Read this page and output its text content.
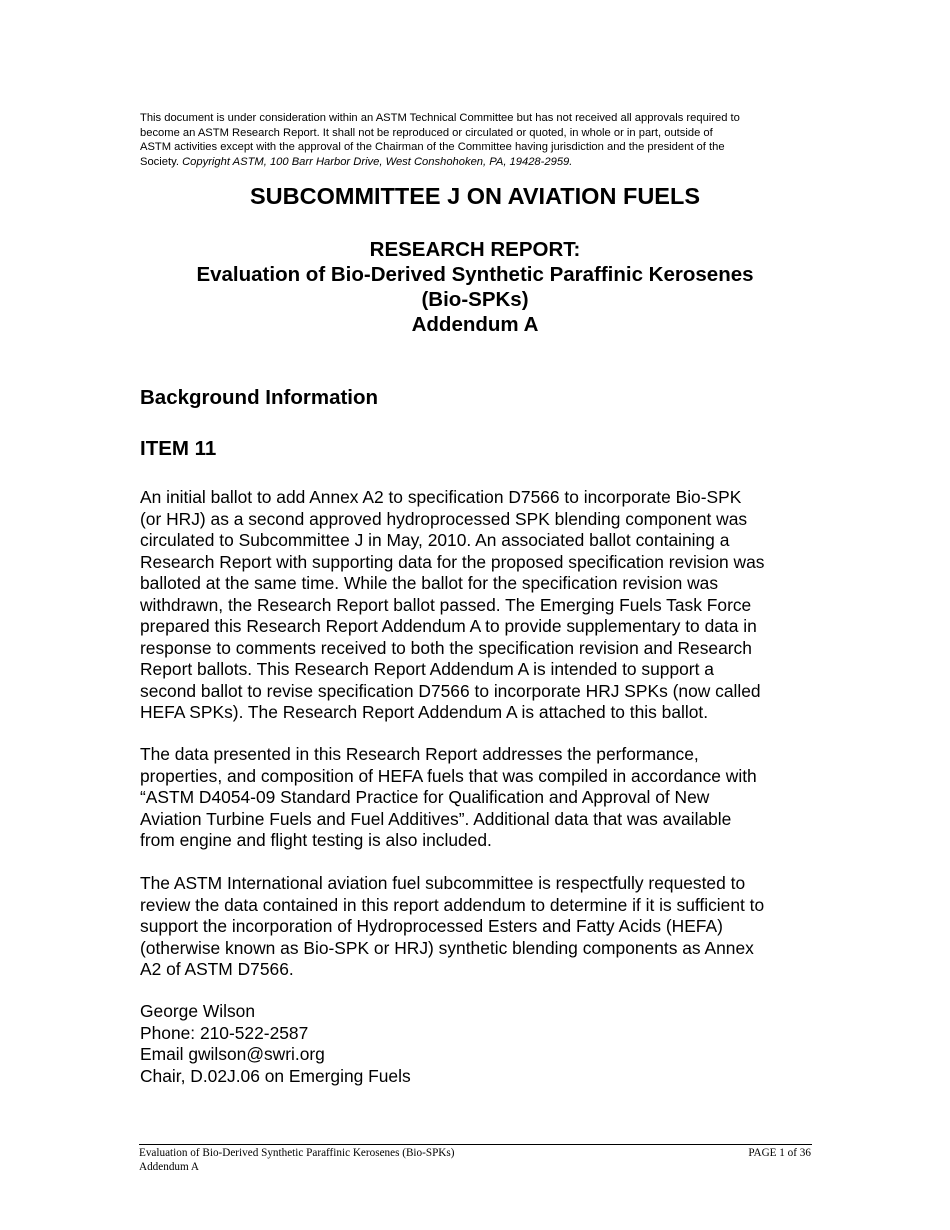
This document is under consideration within an ASTM Technical Committee but has not received all approvals required to
become an ASTM Research Report. It shall not be reproduced or circulated or quoted, in whole or in part, outside of
ASTM activities except with the approval of the Chairman of the Committee having jurisdiction and the president of the
Society. Copyright ASTM, 100 Barr Harbor Drive, West Conshohoken, PA, 19428-2959.

SUBCOMMITTEE J ON AVIATION FUELS
RESEARCH REPORT:
Evaluation of Bio-Derived Synthetic Paraffinic Kerosenes
(Bio-SPKs)
Addendum A
Background Information
ITEM 11

An initial ballot to add Annex A2 to specification D7566 to incorporate Bio-SPK
(or HRJ) as a second approved hydroprocessed SPK blending component was
circulated to Subcommittee J in May, 2010. An associated ballot containing a
Research Report with supporting data for the proposed specification revision was
balloted at the same time. While the ballot for the specification revision was
withdrawn, the Research Report ballot passed. The Emerging Fuels Task Force
prepared this Research Report Addendum A to provide supplementary to data in
response to comments received to both the specification revision and Research
Report ballots. This Research Report Addendum A is intended to support a
second ballot to revise specification D7566 to incorporate HRJ SPKs (now called
HEFA SPKs). The Research Report Addendum A is attached to this ballot.

The data presented in this Research Report addresses the performance,
properties, and composition of HEFA fuels that was compiled in accordance with
“ASTM D4054-09 Standard Practice for Qualification and Approval of New
Aviation Turbine Fuels and Fuel Additives”. Additional data that was available
from engine and flight testing is also included.

The ASTM International aviation fuel subcommittee is respectfully requested to
review the data contained in this report addendum to determine if it is sufficient to
support the incorporation of Hydroprocessed Esters and Fatty Acids (HEFA)
(otherwise known as Bio-SPK or HRJ) synthetic blending components as Annex
A2 of ASTM D7566.

George Wilson
Phone: 210-522-2587
Email gwilson@swri.org
Chair, D.02J.06 on Emerging Fuels
Evaluation of Bio-Derived Synthetic Paraffinic Kerosenes (Bio-SPKs)
Addendum A
PAGE 1 of 36
